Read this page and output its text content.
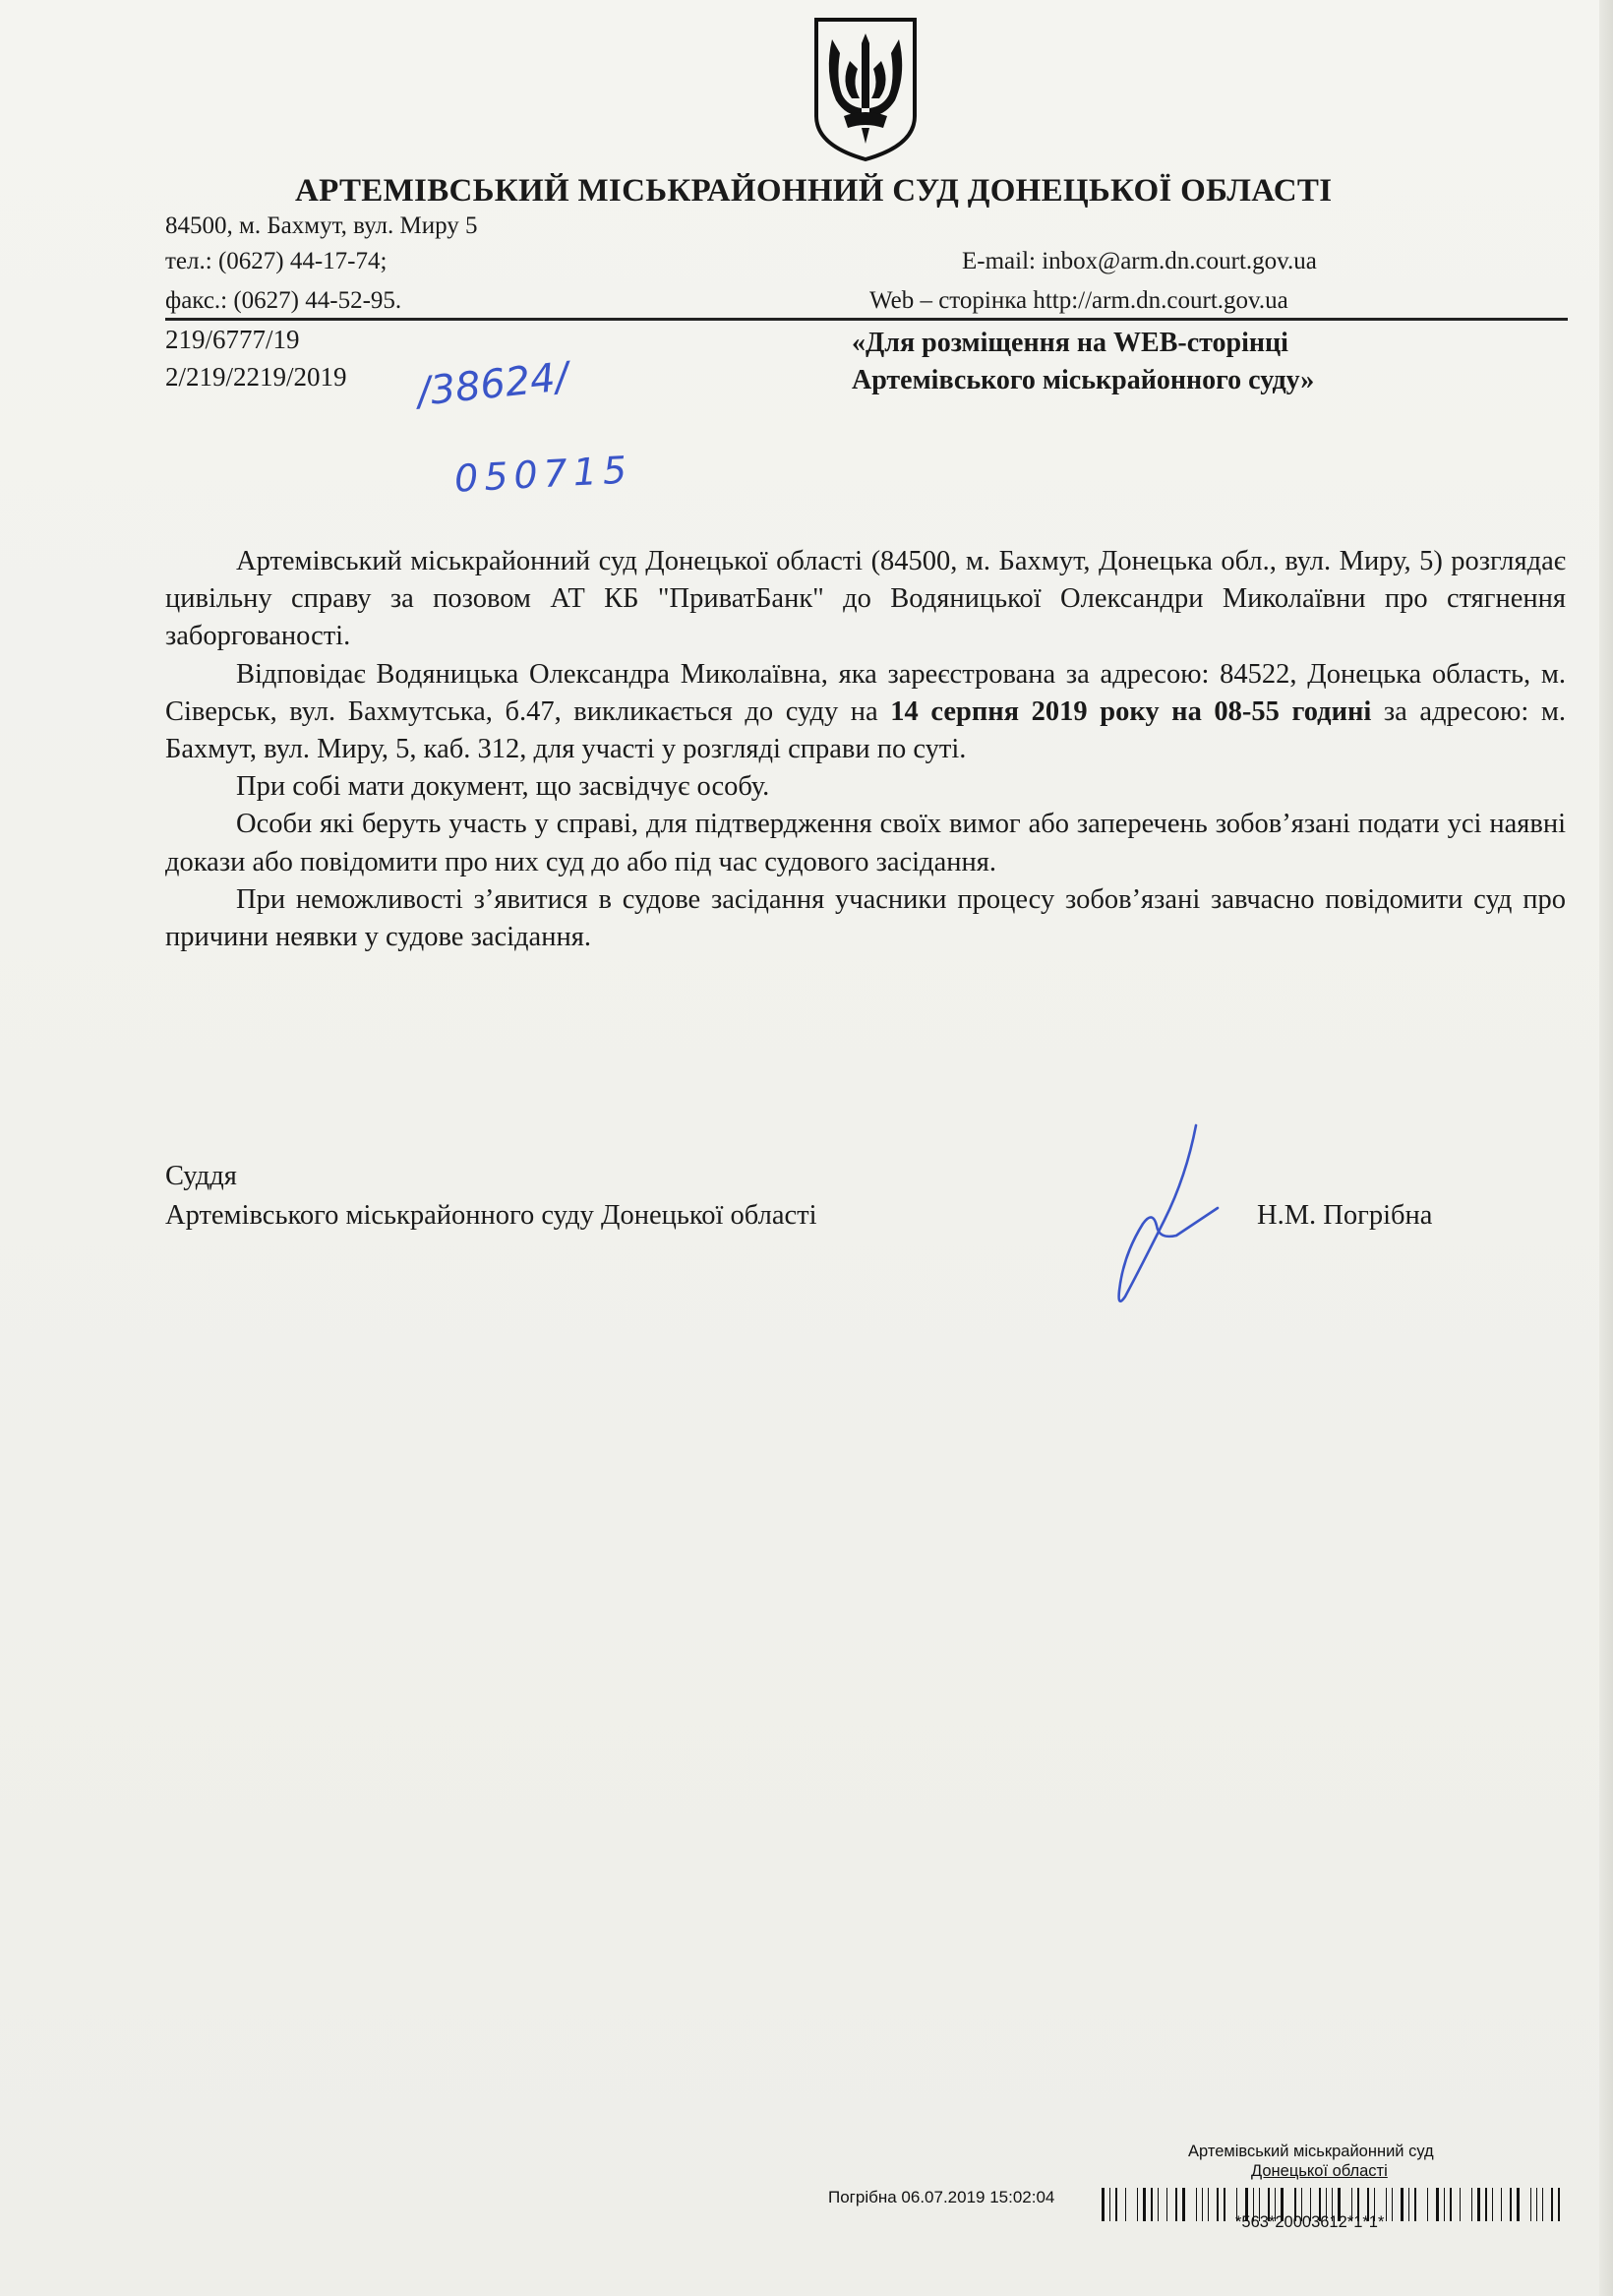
АРТЕМІВСЬКИЙ МІСЬКРАЙОННИЙ СУД ДОНЕЦЬКОЇ ОБЛАСТІ
84500, м. Бахмут, вул. Миру 5
тел.: (0627) 44-17-74;
факс.: (0627) 44-52-95.
E-mail: inbox@arm.dn.court.gov.ua
Web – сторінка http://arm.dn.court.gov.ua
219/6777/19
2/219/2219/2019
«Для розміщення на WEB-сторінці
Артемівського міськрайонного суду»
/38624/
050715

Артемівський міськрайонний суд Донецької області (84500, м. Бахмут, Донецька обл., вул. Миру, 5) розглядає цивільну справу за позовом АТ КБ "ПриватБанк" до Водяницької Олександри Миколаївни про стягнення заборгованості.

Відповідає Водяницька Олександра Миколаївна, яка зареєстрована за адресою: 84522, Донецька область, м. Сіверськ, вул. Бахмутська, б.47, викликається до суду на 14 серпня 2019 року на 08-55 годині за адресою: м. Бахмут, вул. Миру, 5, каб. 312, для участі у розгляді справи по суті.

При собі мати документ, що засвідчує особу.

Особи які беруть участь у справі, для підтвердження своїх вимог або заперечень зобов’язані подати усі наявні докази або повідомити про них суд до або під час судового засідання.

При неможливості з’явитися в судове засідання учасники процесу зобов’язані завчасно повідомити суд про причини неявки у судове засідання.

Суддя
Артемівського міськрайонного суду Донецької області	Н.М. Погрібна
Артемівський міськрайонний суд
Донецької області
Погрібна 06.07.2019 15:02:04
*563*20003612*1*1*
